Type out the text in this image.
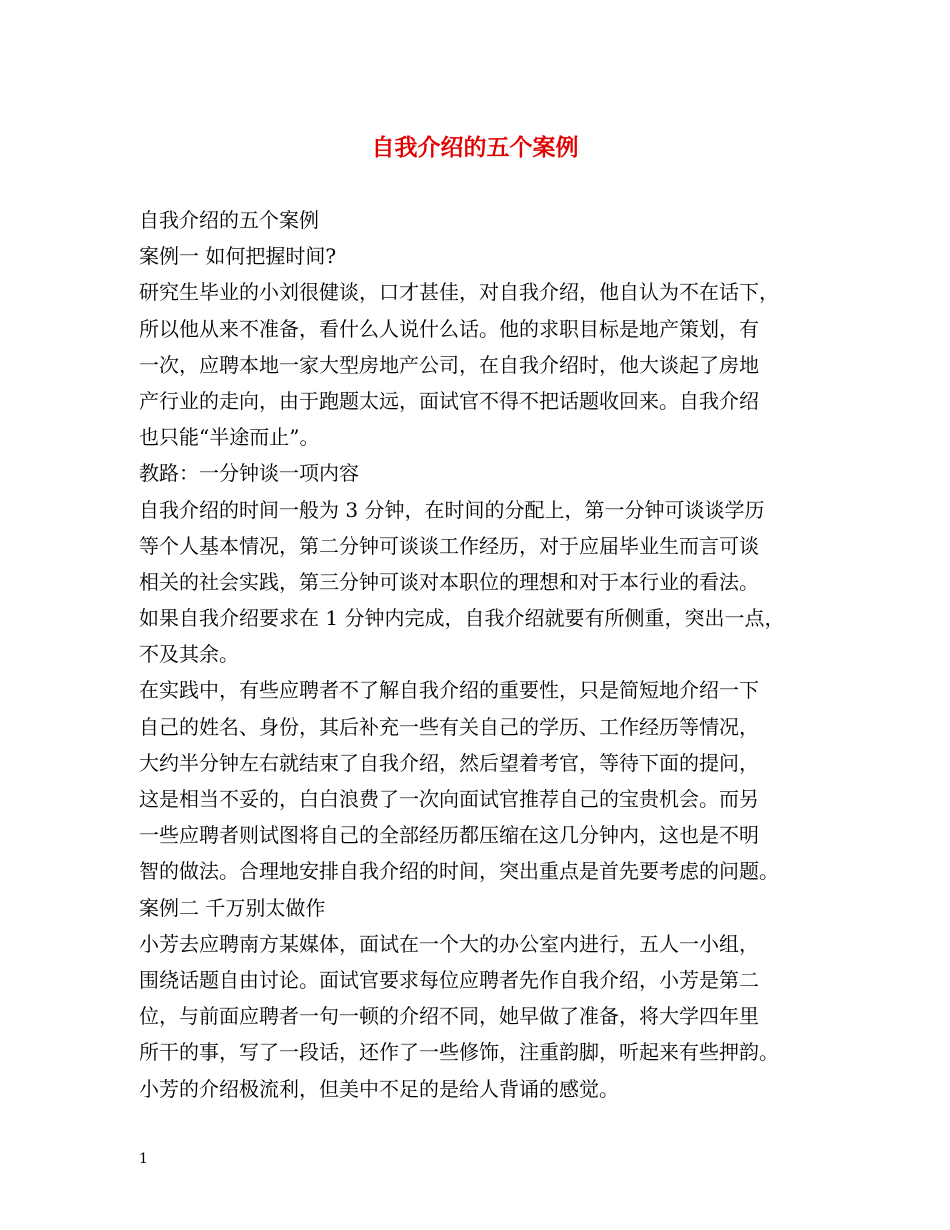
自我介绍的五个案例
自我介绍的五个案例
案例一 如何把握时间?
研究生毕业的小刘很健谈，口才甚佳，对自我介绍，他自认为不在话下，
所以他从来不准备，看什么人说什么话。他的求职目标是地产策划，有
一次，应聘本地一家大型房地产公司，在自我介绍时，他大谈起了房地
产行业的走向，由于跑题太远，面试官不得不把话题收回来。自我介绍
也只能“半途而止”。
教路：一分钟谈一项内容
自我介绍的时间一般为 3 分钟，在时间的分配上，第一分钟可谈谈学历
等个人基本情况，第二分钟可谈谈工作经历，对于应届毕业生而言可谈
相关的社会实践，第三分钟可谈对本职位的理想和对于本行业的看法。
如果自我介绍要求在 1 分钟内完成，自我介绍就要有所侧重，突出一点，
不及其余。
在实践中，有些应聘者不了解自我介绍的重要性，只是简短地介绍一下
自己的姓名、身份，其后补充一些有关自己的学历、工作经历等情况，
大约半分钟左右就结束了自我介绍，然后望着考官，等待下面的提问，
这是相当不妥的，白白浪费了一次向面试官推荐自己的宝贵机会。而另
一些应聘者则试图将自己的全部经历都压缩在这几分钟内，这也是不明
智的做法。合理地安排自我介绍的时间，突出重点是首先要考虑的问题。
案例二 千万别太做作
小芳去应聘南方某媒体，面试在一个大的办公室内进行，五人一小组，
围绕话题自由讨论。面试官要求每位应聘者先作自我介绍，小芳是第二
位，与前面应聘者一句一顿的介绍不同，她早做了准备，将大学四年里
所干的事，写了一段话，还作了一些修饰，注重韵脚，听起来有些押韵。
小芳的介绍极流利，但美中不足的是给人背诵的感觉。
1
